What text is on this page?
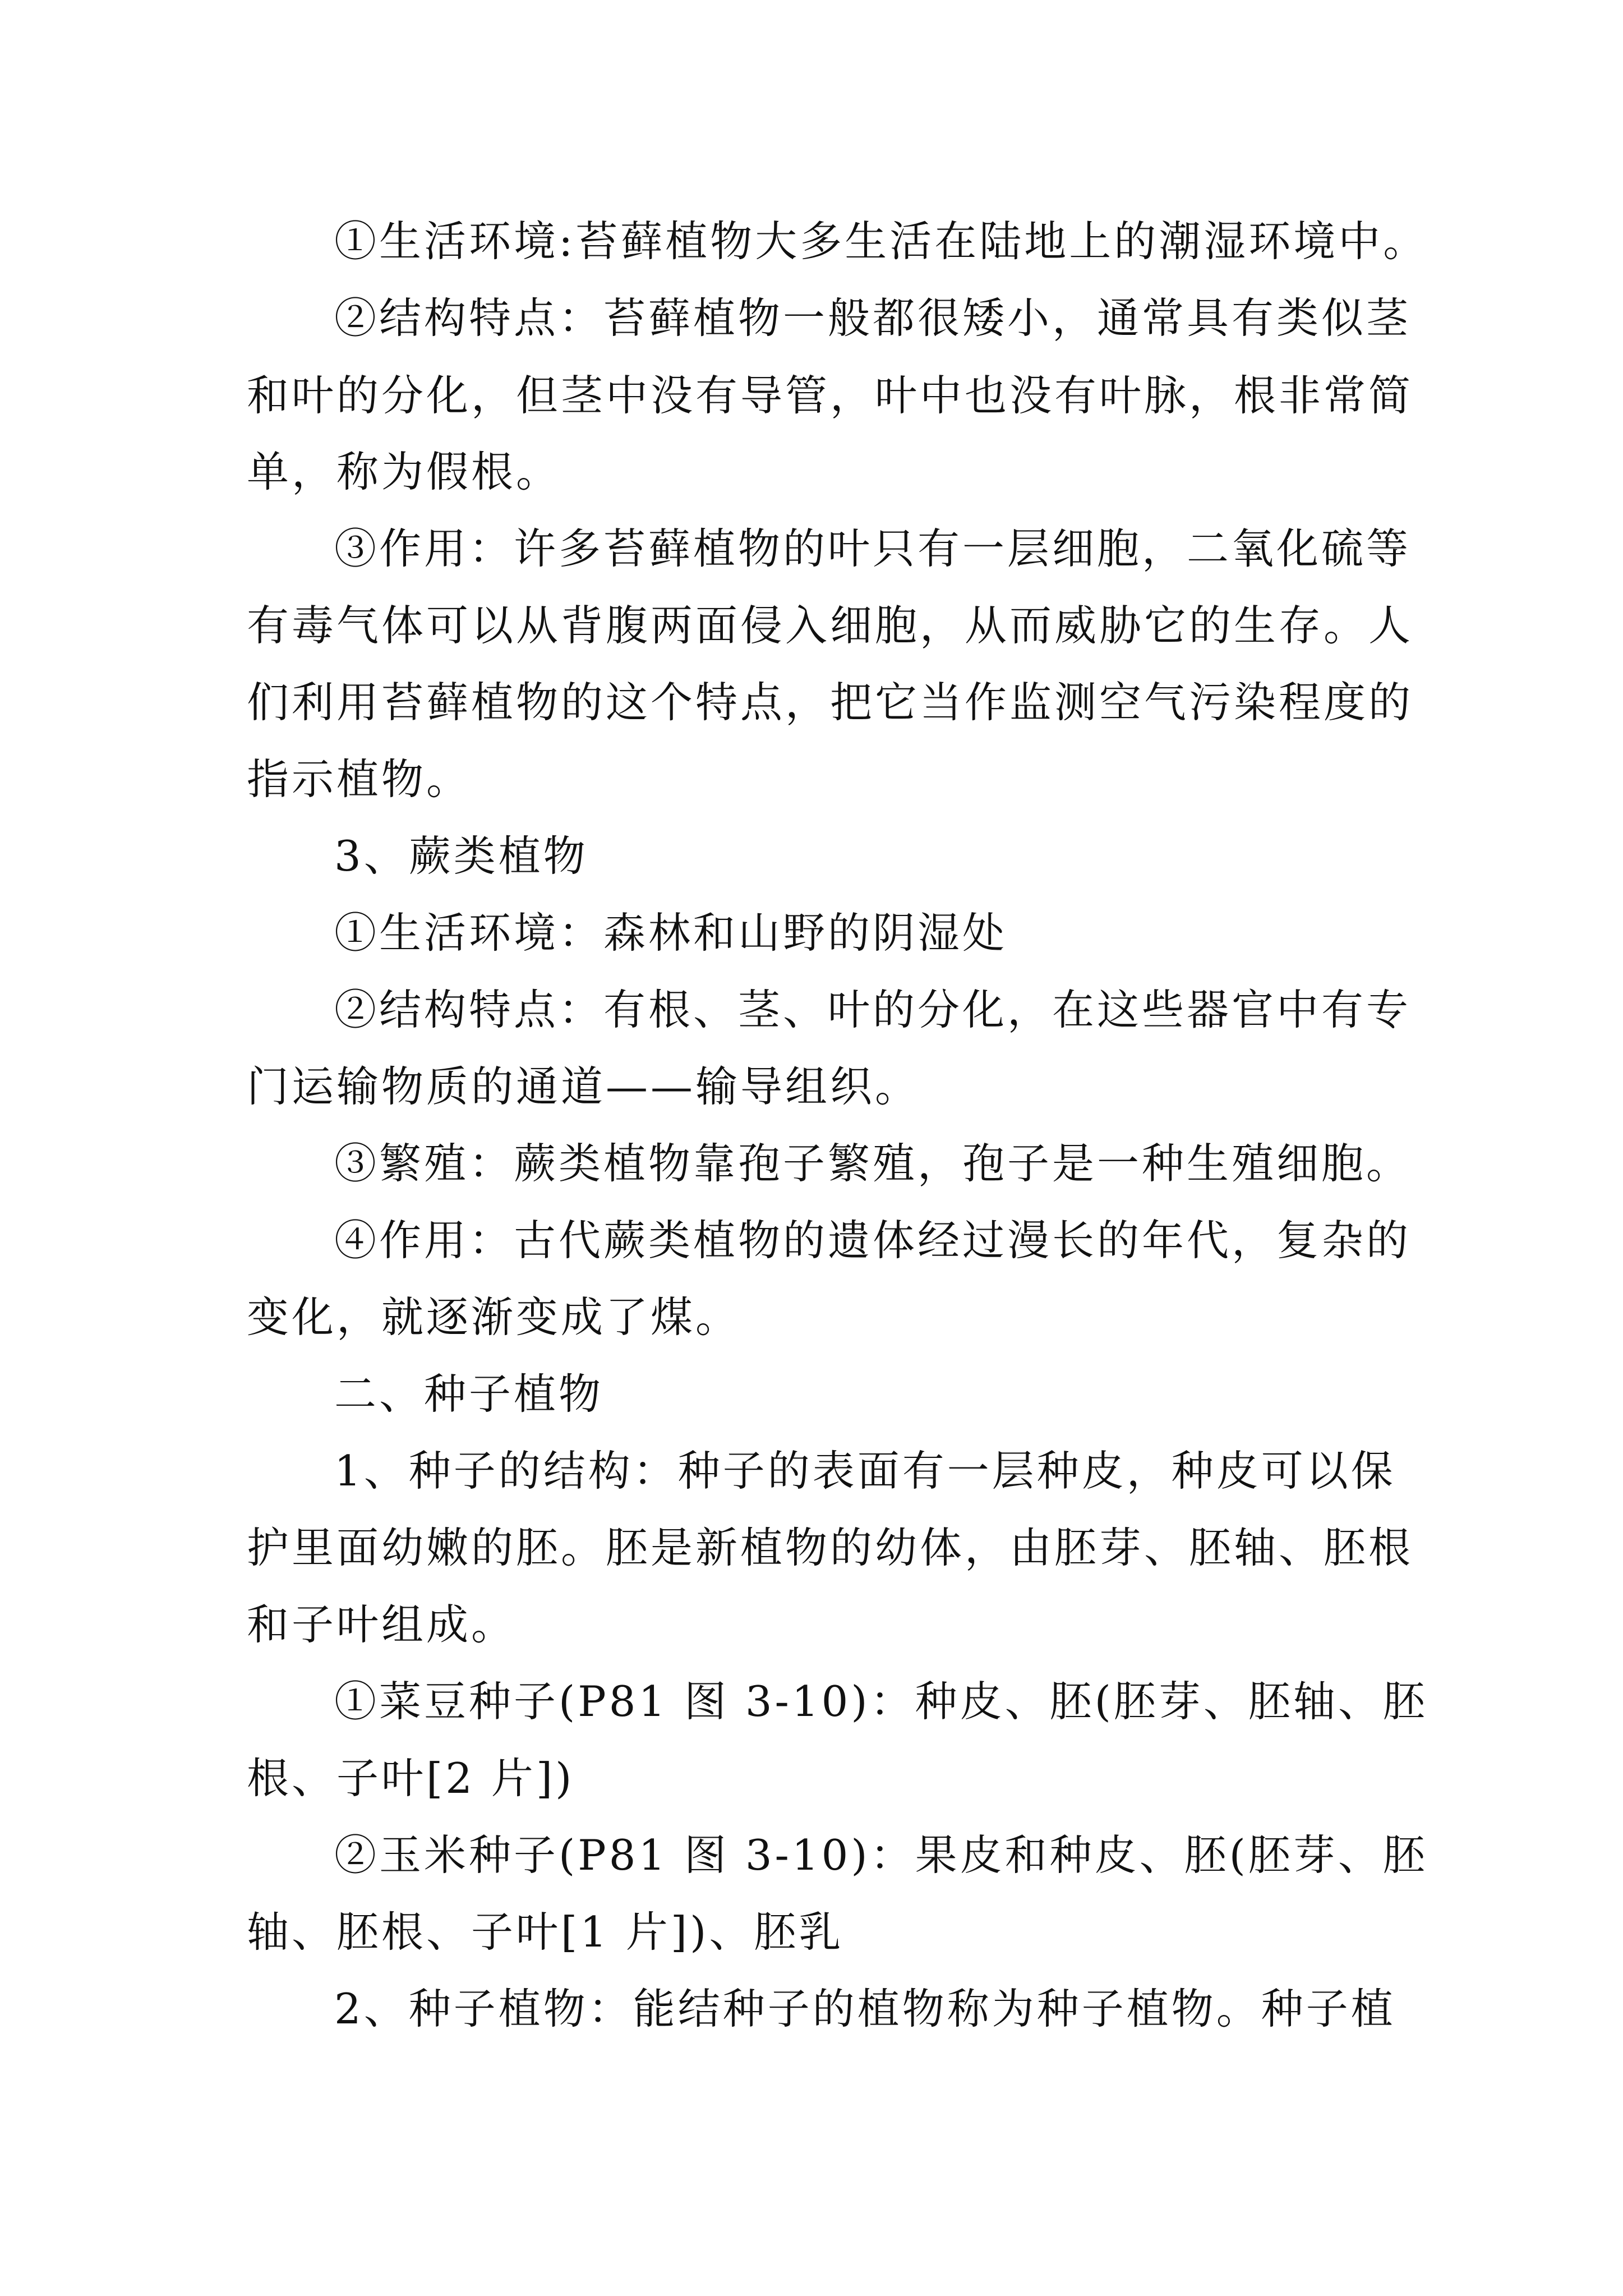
①生活环境:苔藓植物大多生活在陆地上的潮湿环境中。

②结构特点：苔藓植物一般都很矮小，通常具有类似茎

和叶的分化，但茎中没有导管，叶中也没有叶脉，根非常简

单，称为假根。

③作用：许多苔藓植物的叶只有一层细胞，二氧化硫等

有毒气体可以从背腹两面侵入细胞，从而威胁它的生存。人

们利用苔藓植物的这个特点，把它当作监测空气污染程度的

指示植物。

3、蕨类植物

①生活环境：森林和山野的阴湿处

②结构特点：有根、茎、叶的分化，在这些器官中有专

门运输物质的通道——输导组织。

③繁殖：蕨类植物靠孢子繁殖，孢子是一种生殖细胞。

④作用：古代蕨类植物的遗体经过漫长的年代，复杂的

变化，就逐渐变成了煤。

二、种子植物

1、种子的结构：种子的表面有一层种皮，种皮可以保

护里面幼嫩的胚。胚是新植物的幼体，由胚芽、胚轴、胚根

和子叶组成。

①菜豆种子(P81 图 3-10)：种皮、胚(胚芽、胚轴、胚

根、子叶[2 片])

②玉米种子(P81 图 3-10)：果皮和种皮、胚(胚芽、胚

轴、胚根、子叶[1 片])、胚乳

2、种子植物：能结种子的植物称为种子植物。种子植
